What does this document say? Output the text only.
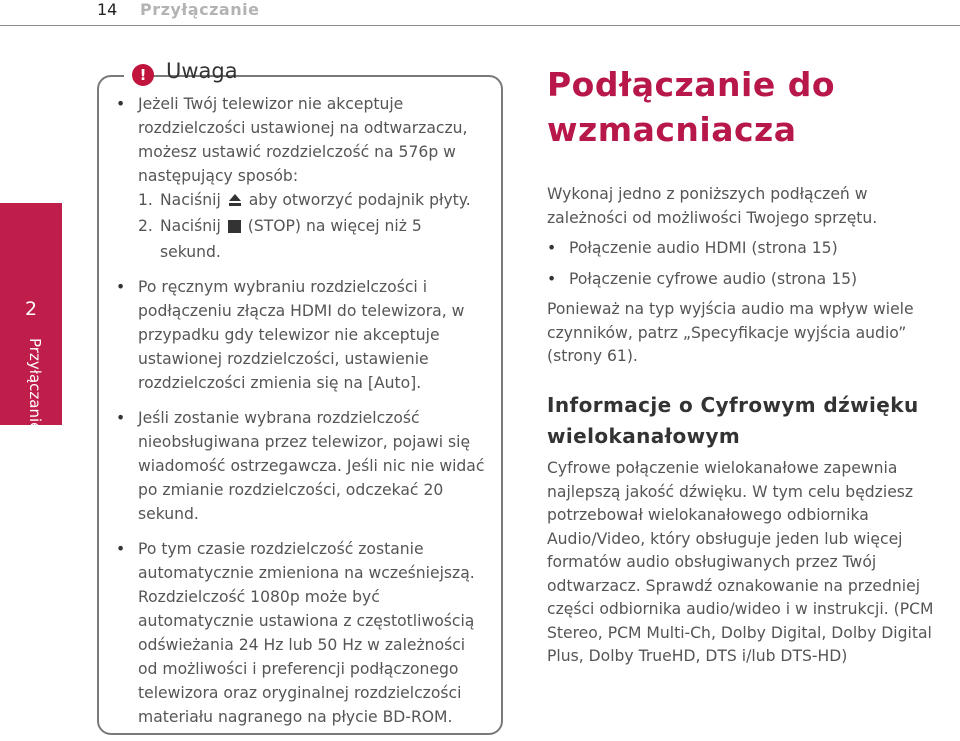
14 Przyłączanie
2
Przyłączanie
! Uwaga
• Jeżeli Twój telewizor nie akceptuje rozdzielczości ustawionej na odtwarzaczu, możesz ustawić rozdzielczość na 576p w następujący sposób:
1. Naciśnij aby otworzyć podajnik płyty.
2. Naciśnij (STOP) na więcej niż 5 sekund.
• Po ręcznym wybraniu rozdzielczości i podłączeniu złącza HDMI do telewizora, w przypadku gdy telewizor nie akceptuje ustawionej rozdzielczości, ustawienie rozdzielczości zmienia się na [Auto].
• Jeśli zostanie wybrana rozdzielczość nieobsługiwana przez telewizor, pojawi się wiadomość ostrzegawcza. Jeśli nic nie widać po zmianie rozdzielczości, odczekać 20 sekund.
• Po tym czasie rozdzielczość zostanie automatycznie zmieniona na wcześniejszą. Rozdzielczość 1080p może być automatycznie ustawiona z częstotliwością odświeżania 24 Hz lub 50 Hz w zależności od możliwości i preferencji podłączonego telewizora oraz oryginalnej rozdzielczości materiału nagranego na płycie BD-ROM.
Podłączanie do wzmacniacza
Wykonaj jedno z poniższych podłączeń w zależności od możliwości Twojego sprzętu.
• Połączenie audio HDMI (strona 15)
• Połączenie cyfrowe audio (strona 15)
Ponieważ na typ wyjścia audio ma wpływ wiele czynników, patrz „Specyfikacje wyjścia audio” (strony 61).
Informacje o Cyfrowym dźwięku wielokanałowym
Cyfrowe połączenie wielokanałowe zapewnia najlepszą jakość dźwięku. W tym celu będziesz potrzebował wielokanałowego odbiornika Audio/Video, który obsługuje jeden lub więcej formatów audio obsługiwanych przez Twój odtwarzacz. Sprawdź oznakowanie na przedniej części odbiornika audio/wideo i w instrukcji. (PCM Stereo, PCM Multi-Ch, Dolby Digital, Dolby Digital Plus, Dolby TrueHD, DTS i/lub DTS-HD)
